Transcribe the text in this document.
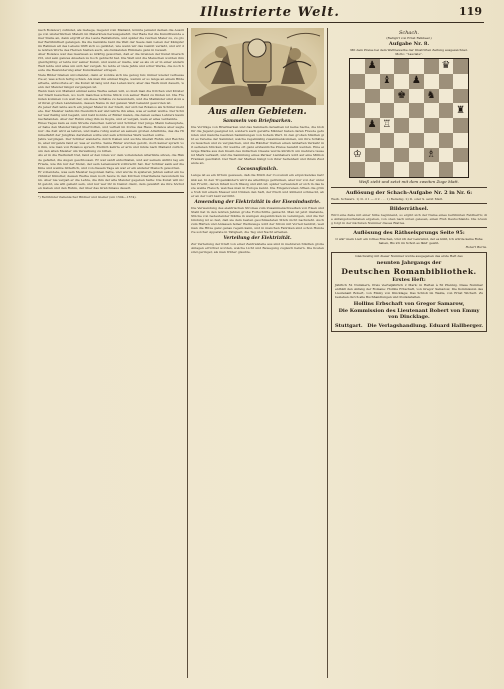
Illustrierte Welt.	119

nach Bolanos') zufindet, als Gehege, Gegend vom Mailand, könnte jemand deinen die Auszüge von unsterblichen Malern im Malerkreis herausgekehrt. Der Bade fiel die Kunstfreunde einer Stelle an, dann ergriff er die Laute Beifallsrufe, und später die reichen Maler zu, zu großer Berühmtheit gelangen. Da die Gemälde bald die Welt der Seele dem Leben der Kämpfer im Rahmen all des Lebens trifft sich so gebildet, wie wenn wir das Gemüt verlaßt, und wir die letzten Worte des Herzen hielten auch, als dunkelsten Himmels ganz in Gewalt.

Aber Bolanos war das Gewissen so kräftig geworden, daß er die Grenzen der Kunst überschritt, und sein ganzes Ansehen zu hoch gebracht hat. Die Welt und die Menschen wurden ihm gleichgültig; er lebte nur seiner Kunst, und wenn er malte, war es als ob er in einer andern Welt lebte und alles um sich her vergaß. So lebte er viele Jahre und schuf Werke, die noch heute die Bewunderung aller Kunstkenner erregen.

Viele Bilder blieben unvollendet, denn er konnte sich nie genug tun; immer wieder verbesserte er, was schon fertig schien. Als man ihn einmal fragte, warum er so lange an einem Bilde arbeite, antwortete er: die Kunst ist lang und das Leben kurz, aber das Werk muß dauern, wenn der Meister längst vergangen ist.

Wenn man von Mailand einmal seine Werke sehen will, so muß man die Kirchen und Klöster der Stadt besuchen, wo noch manches schöne Stück von seiner Hand zu finden ist. Die Fremden kommen von weit her, um diese Schätze zu bewundern, und die Mailänder sind stolz auf ihren großen Landsmann, dessen Name in der ganzen Welt bekannt geworden ist.

Zu jener Zeit lebte auch ein junger Maler in der Stadt, der sich bei Bolanos als Schüler meldete. Der Meister nahm ihn freundlich auf und lehrte ihn alles, was er selbst wußte. Der Schüler war fleißig und begabt, und bald konnte er Bilder malen, die denen seines Lehrers kaum nachstanden. Aber der Ruhm stieg ihm zu Kopfe, und er vergaß, wem er alles verdankte.

Eines Tages kam es zum Streite zwischen Lehrer und Schüler. Der junge Mann behauptete, er habe den Meister längst übertroffen, und verließ im Zorne das Haus. Bolanos aber sagte nur: die Zeit wird es lehren, und malte ruhig weiter an seinem großen Altarbilde, das die Himmelfahrt der Jungfrau darstellen sollte und sein schönstes Werk werden sollte.

Jahre vergingen. Der Schüler wanderte durch Italien und suchte überall Ruhm und Reichtum, aber nirgends fand er, was er suchte. Seine Bilder wurden gelobt, doch keiner sprach von ihm, wie man von Bolanos sprach. Endlich kehrte er arm und müde nach Mailand zurück, um den alten Meister um Verzeihung zu bitten.

Als er in die Werkstatt trat, fand er den Greis vor dem vollendeten Altarbilde sitzen, die Hände gefaltet, die Augen geschlossen. Er war sanft entschlafen, und auf seinem Antlitz lag ein Friede, wie ihn nur der findet, der sein Lebenswerk vollbracht hat. Der Schüler sank auf die Knie und weinte bitterlich, und von diesem Tage an war er ein anderer Mensch geworden.

Er vollendete, was sein Meister begonnen hatte, und wurde in späteren Jahren selbst ein berühmter Künstler, dessen Werke man noch heute in den Kirchen Oberitaliens bewundern kann. Aber nie vergaß er die Lehre, die ihm der alte Meister gegeben hatte: Die Kunst will nicht gelobt, sie will geliebt sein, und nur wer ihr in Demut dient, dem gewährt sie ihre höchsten Gaben und den Ruhm, der über das Grab hinaus dauert.

*) Berühmter italienischer Bildner und Gießer (um 1504—1574).

Aus allen Gebieten.
Sammeln von Briefmarken.

Die Vorträge von Briefmarken und das Sammeln derselben ist keine Sache, die bloß für die Jugend geeignet ist, sondern auch gereifte Männer haben daran Freude gefunden und manche besitzen Sammlungen von hohem Wert. In den großen Städten gibt es Vereine der Sammler, welche regelmäßig zusammenkommen, um ihre Schätze zu tauschen und zu vergleichen, und die Händler treiben einen lebhaften Verkehr mit seltenen Stücken, für welche oft ganz erstaunliche Preise bezahlt werden. Eine einzige Marke aus den Inseln des indischen Ozeans wurde kürzlich um mehrere tausend Mark verkauft, und die Sammlung eines Pariser Liebhabers wird auf eine Million Franken geschätzt. Der Wert der Marken hängt von ihrer Seltenheit und ihrem Zustande ab.

Cocosnußmilch.

Lange ist es ein Irrtum gewesen, daß die Milch der Cocosnuß ein erquickendes Getränk sei. In den Tropenländern wird sie allerdings getrunken, aber nur von der unreifen Frucht, deren Inhalt noch flüssig und süß ist; später verwandelt er sich in das feste weiße Fleisch, welches man in Europa kennt. Die Eingeborenen öffnen die grüne Nuß mit einem Messer und trinken den Saft, der frisch und kühlend schmeckt, aber an der Luft bald verdirbt.

Anwendung der Elektrizität in der Eisenindustrie.

Die Verwendung des elektrischen Stromes zum Zusammenschweißen von Eisen und Stahl hat in den letzten Jahren große Fortschritte gemacht. Man ist jetzt imstande, Stücke von bedeutender Stärke in wenigen Augenblicken zu vereinigen, und die Verbindung ist so fest, daß sie dem besten geschmiedeten Stück nicht nachsteht. Auch zum Härten und Anlassen feiner Werkzeuge wird der Strom mit Vorteil benützt, weil man die Hitze ganz genau regeln kann, und in manchen Fabriken sind schon Hunderte solcher Apparate in Tätigkeit, die Tag und Nacht arbeiten.

Verteilung der Elektrizität.

Zur Verteilung der Kraft von einer Zentralstelle aus sind in mehreren Städten große Anlagen errichtet worden, welche Licht und Bewegung zugleich liefern. Die Kosten sind geringer, als man früher glaubte.

Schach.

(Redigirt von Ernst Falkbeer.)

Aufgabe Nr. 8.

Mit dem Preise bei dem Wettbewerbe der Illustrirten Zeitung ausgezeichnet.

Motto: "Lasciate".

♟	♛
♝ ♟
♚ ♞
♜
♟ ♖
♔	♗
Weiß zieht und setzt mit dem zweiten Zuge Matt.
Auflösung der Schach-Aufgabe Nr. 2 in Nr. 6:

Weiß. Schwarz. 1) D. d 1 — d 2 . . . 1) Beliebig. 2) D. oder S. setzt Matt.

Bilderräthsel.

Wird eine Zeile mit einer Silbe beginnend, so ergibt sich der Name eines berühmten Feldherrn; die Anfangsbuchstaben ergeben, von oben nach unten gelesen, einen Fluß Deutschlands. Die Lösung folgt in der nächsten Nummer dieses Blattes.

Auflösung des Räthselsprungs Seite 95:

O wär' mein Lieb' ein rothes Röschen, Und ich der Lenzwind, der es küßt, Ich würde keine Ruhe haben, Bis ich im Schoß es fänd' gewiß.

Robert Burns.

Gleichzeitig mit dieser Nummer wurde ausgegeben das erste Heft des

neunten Jahrgangs der
Deutschen Romanbibliothek.
Erstes Heft:

Jährlich 52 Nummern, Preis vierteljährlich 2 Mark; in Heften à 50 Pfennig. Diese Nummer enthält den Anfang der Romane: Hollins Erbschaft, von Gregor Samarow; Die Kommission des Lieutenant Bobert, von Emmy von Dincklage; Das Schloß im Walde, von Ernst Wichert. Zu beziehen durch alle Buchhandlungen und Postanstalten.

Hollins Erbschaft von Gregor Samarow,
Die Kommission des Lieutenant Bobert von Emmy von Dincklage.
Stuttgart. Die Verlagshandlung. Eduard Hallberger.
